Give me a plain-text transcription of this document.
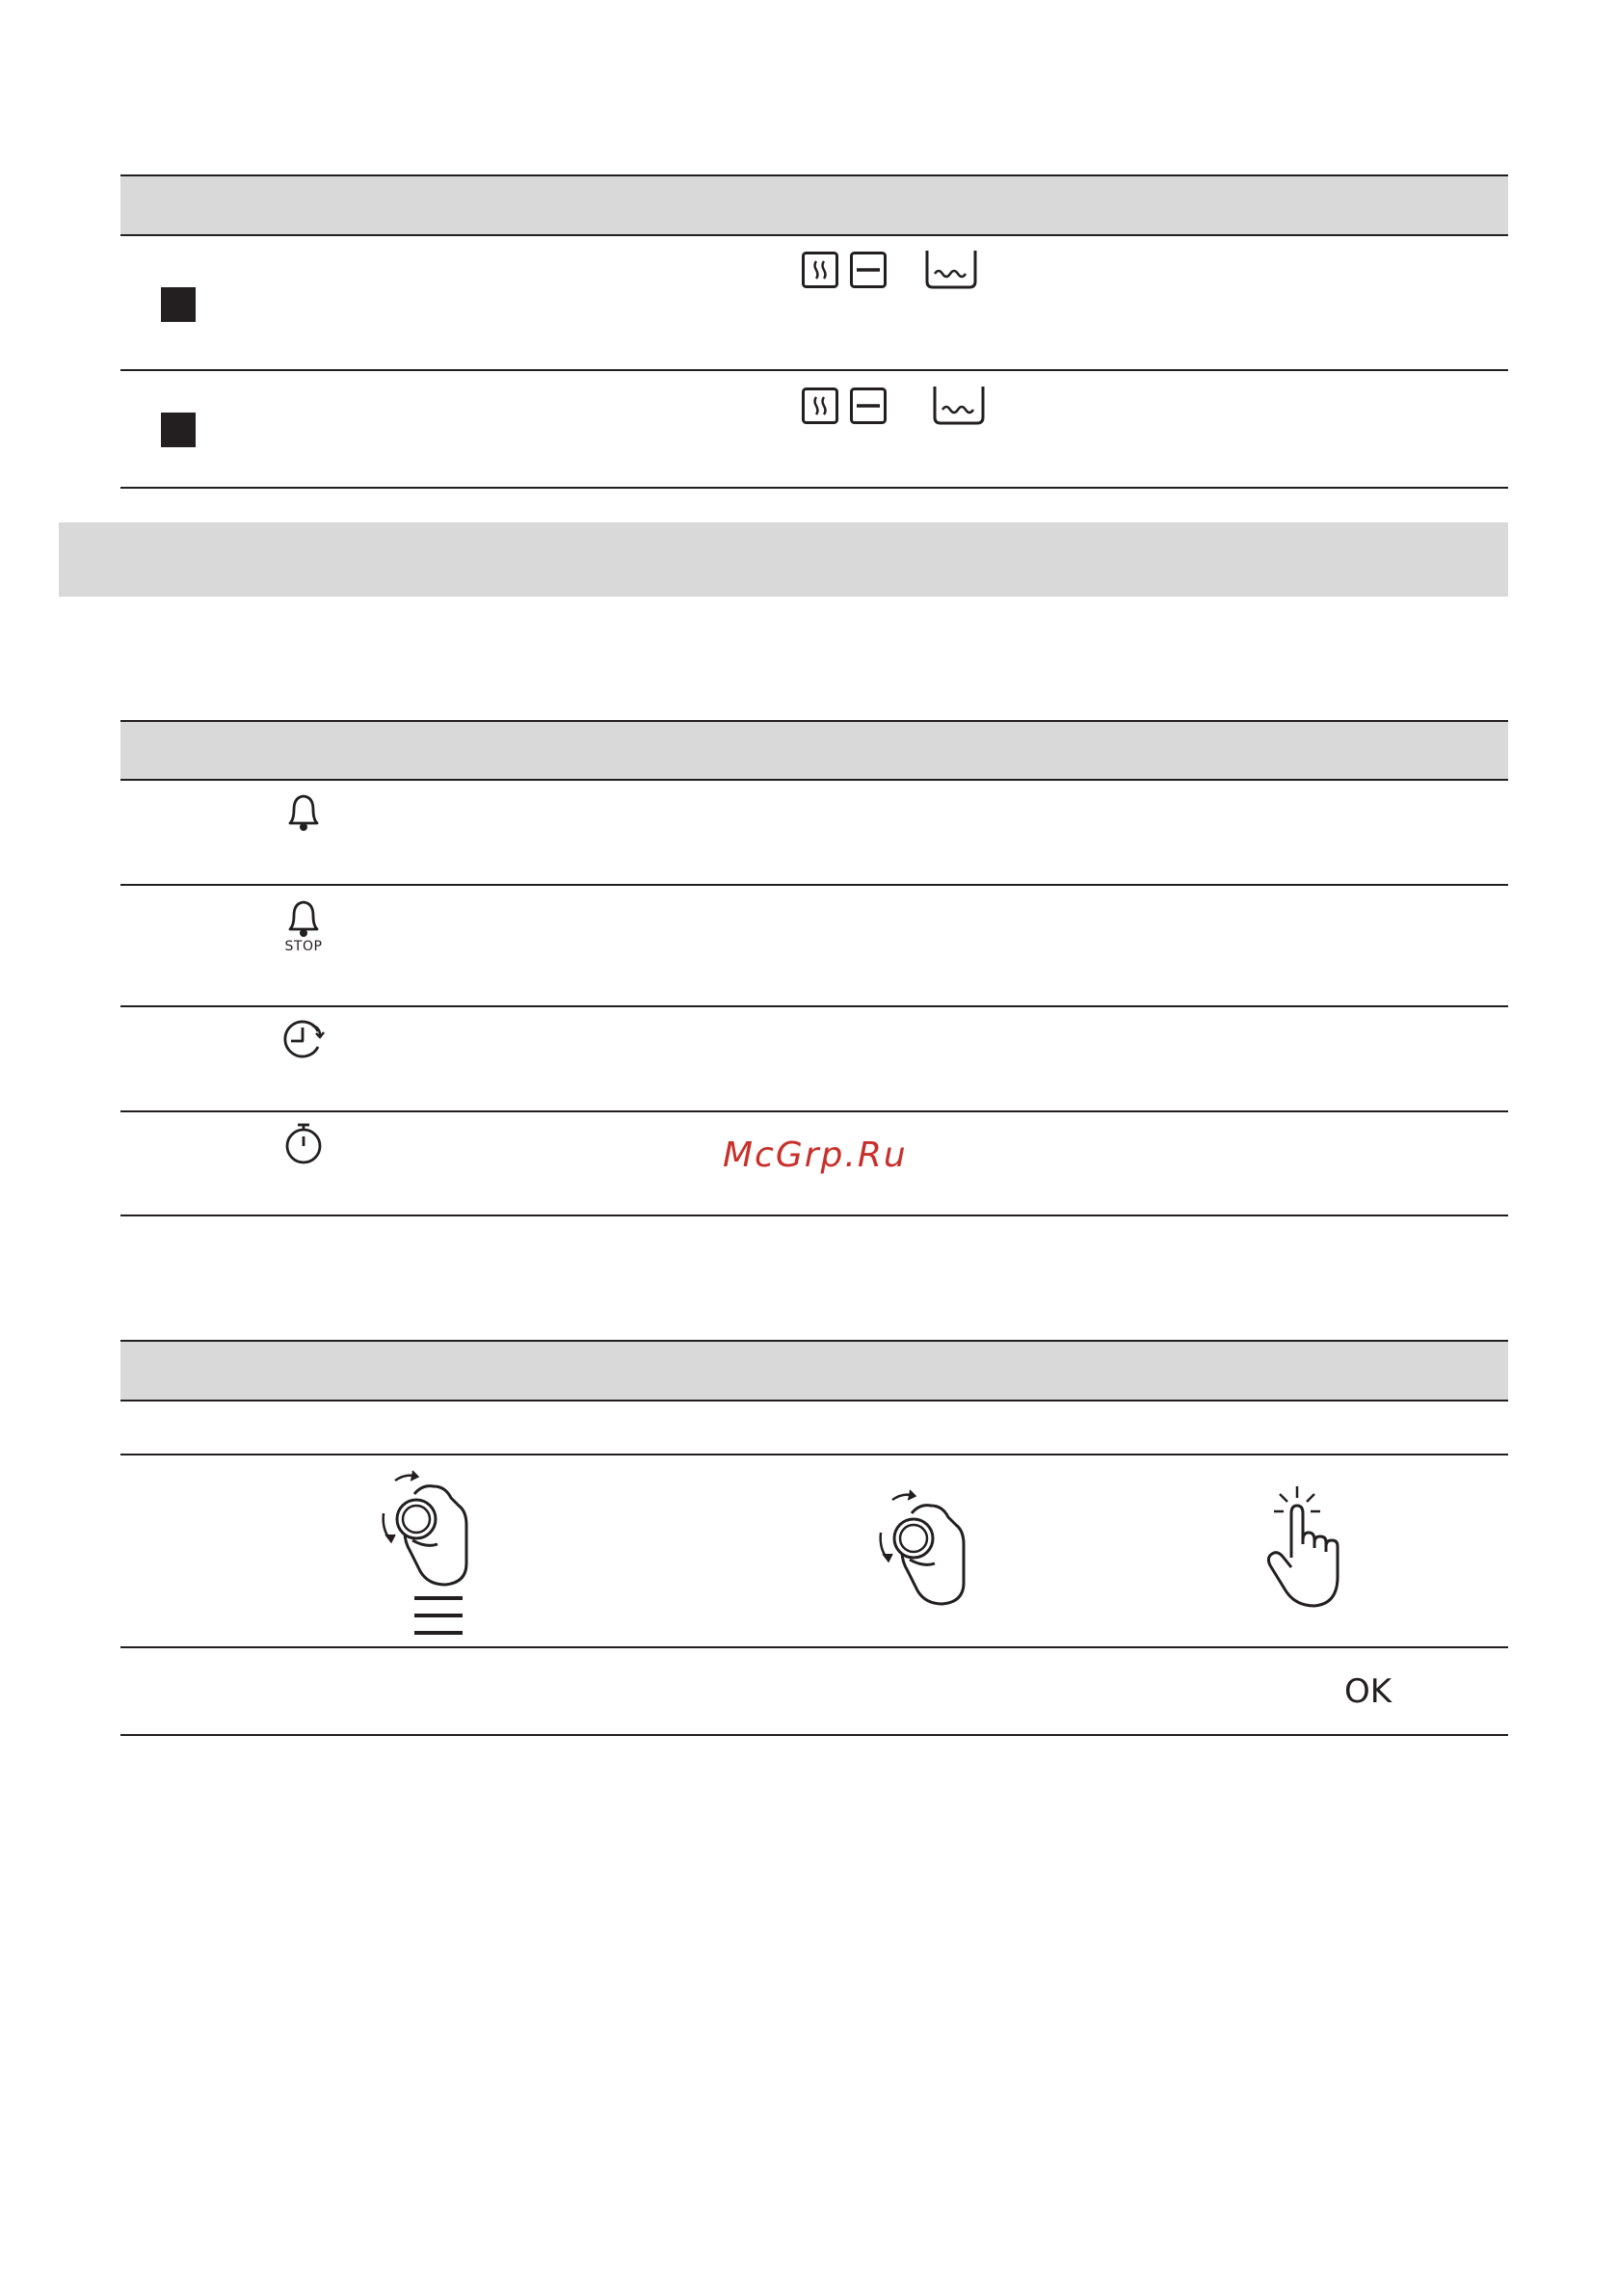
STOP
McGrp.Ru
OK
